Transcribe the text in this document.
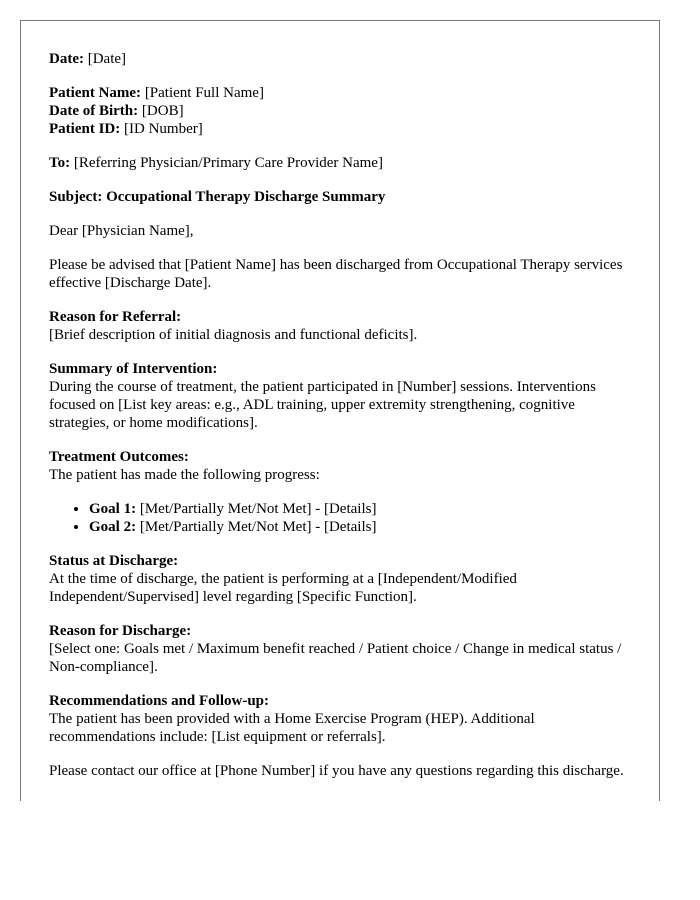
Date: [Date]

Patient Name: [Patient Full Name]
Date of Birth: [DOB]
Patient ID: [ID Number]

To: [Referring Physician/Primary Care Provider Name]

Subject: Occupational Therapy Discharge Summary

Dear [Physician Name],

Please be advised that [Patient Name] has been discharged from Occupational Therapy services effective [Discharge Date].

Reason for Referral:
[Brief description of initial diagnosis and functional deficits].

Summary of Intervention:
During the course of treatment, the patient participated in [Number] sessions. Interventions focused on [List key areas: e.g., ADL training, upper extremity strengthening, cognitive strategies, or home modifications].

Treatment Outcomes:
The patient has made the following progress:

• Goal 1: [Met/Partially Met/Not Met] - [Details]
• Goal 2: [Met/Partially Met/Not Met] - [Details]

Status at Discharge:
At the time of discharge, the patient is performing at a [Independent/Modified Independent/Supervised] level regarding [Specific Function].

Reason for Discharge:
[Select one: Goals met / Maximum benefit reached / Patient choice / Change in medical status / Non-compliance].

Recommendations and Follow-up:
The patient has been provided with a Home Exercise Program (HEP). Additional recommendations include: [List equipment or referrals].

Please contact our office at [Phone Number] if you have any questions regarding this discharge.
